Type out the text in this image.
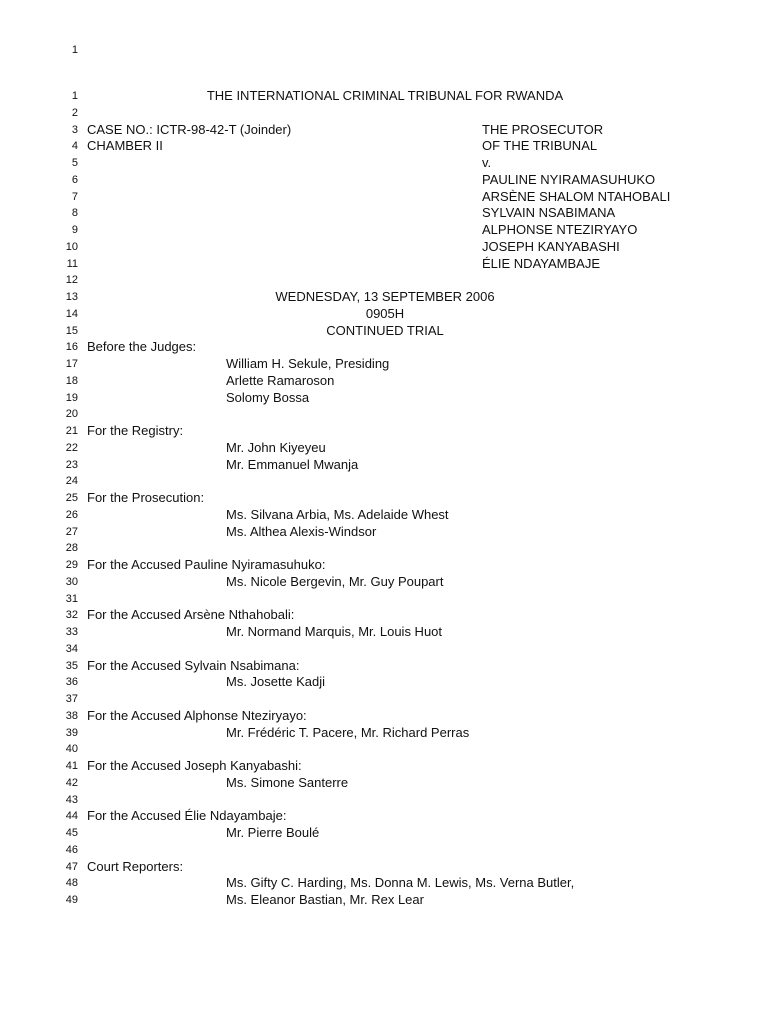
1
1	THE INTERNATIONAL CRIMINAL TRIBUNAL FOR RWANDA
2
3 CASE NO.: ICTR-98-42-T (Joinder)	THE PROSECUTOR
4 CHAMBER II	OF THE TRIBUNAL
5	v.
6	PAULINE NYIRAMASUHUKO
7	ARSÈNE SHALOM NTAHOBALI
8	SYLVAIN NSABIMANA
9	ALPHONSE NTEZIRYAYO
10	JOSEPH KANYABASHI
11	ÉLIE NDAYAMBAJE
12
13	WEDNESDAY, 13 SEPTEMBER 2006
14	0905H
15	CONTINUED TRIAL
16 Before the Judges:
17	William H. Sekule, Presiding
18	Arlette Ramaroson
19	Solomy Bossa
20
21 For the Registry:
22	Mr. John Kiyeyeu
23	Mr. Emmanuel Mwanja
24
25 For the Prosecution:
26	Ms. Silvana Arbia, Ms. Adelaide Whest
27	Ms. Althea Alexis-Windsor
28
29 For the Accused Pauline Nyiramasuhuko:
30	Ms. Nicole Bergevin, Mr. Guy Poupart
31
32 For the Accused Arsène Nthahobali:
33	Mr. Normand Marquis, Mr. Louis Huot
34
35 For the Accused Sylvain Nsabimana:
36	Ms. Josette Kadji
37
38 For the Accused Alphonse Nteziryayo:
39	Mr. Frédéric T. Pacere, Mr. Richard Perras
40
41 For the Accused Joseph Kanyabashi:
42	Ms. Simone Santerre
43
44 For the Accused Élie Ndayambaje:
45	Mr. Pierre Boulé
46
47 Court Reporters:
48	Ms. Gifty C. Harding, Ms. Donna M. Lewis, Ms. Verna Butler,
49	Ms. Eleanor Bastian, Mr. Rex Lear
